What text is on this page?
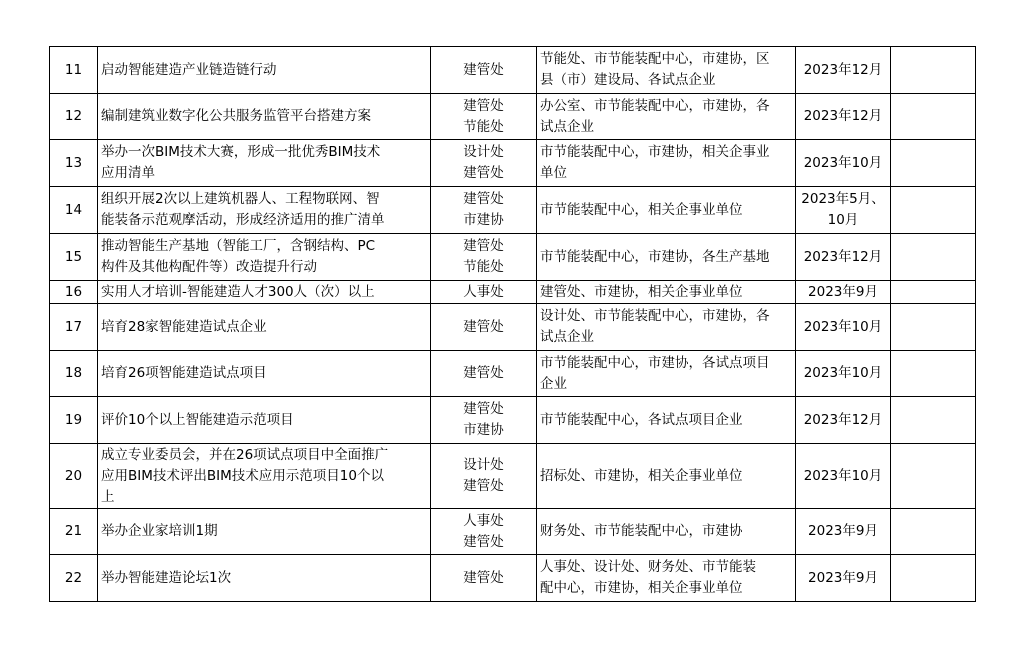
11	启动智能建造产业链造链行动	建管处	节能处、市节能装配中心，市建协，区
县（市）建设局、各试点企业	2023年12月	

12	编制建筑业数字化公共服务监管平台搭建方案	建管处
节能处	办公室、市节能装配中心，市建协，各
试点企业	2023年12月	

13	举办一次BIM技术大赛，形成一批优秀BIM技术
应用清单	设计处
建管处	市节能装配中心，市建协，相关企事业
单位	2023年10月	

14	组织开展2次以上建筑机器人、工程物联网、智
能装备示范观摩活动，形成经济适用的推广清单	建管处
市建协	市节能装配中心，相关企事业单位	2023年5月、
10月	

15	推动智能生产基地（智能工厂，含钢结构、PC
构件及其他构配件等）改造提升行动	建管处
节能处	市节能装配中心，市建协，各生产基地	2023年12月	

16	实用人才培训-智能建造人才300人（次）以上	人事处	建管处、市建协，相关企事业单位	2023年9月	

17	培育28家智能建造试点企业	建管处	设计处、市节能装配中心，市建协，各
试点企业	2023年10月	

18	培育26项智能建造试点项目	建管处	市节能装配中心，市建协，各试点项目
企业	2023年10月	

19	评价10个以上智能建造示范项目	建管处
市建协	市节能装配中心，各试点项目企业	2023年12月	

20	成立专业委员会，并在26项试点项目中全面推广
应用BIM技术评出BIM技术应用示范项目10个以
上	设计处
建管处	招标处、市建协，相关企事业单位	2023年10月	

21	举办企业家培训1期	人事处
建管处	财务处、市节能装配中心，市建协	2023年9月	

22	举办智能建造论坛1次	建管处	人事处、设计处、财务处、市节能装
配中心，市建协，相关企事业单位	2023年9月	
